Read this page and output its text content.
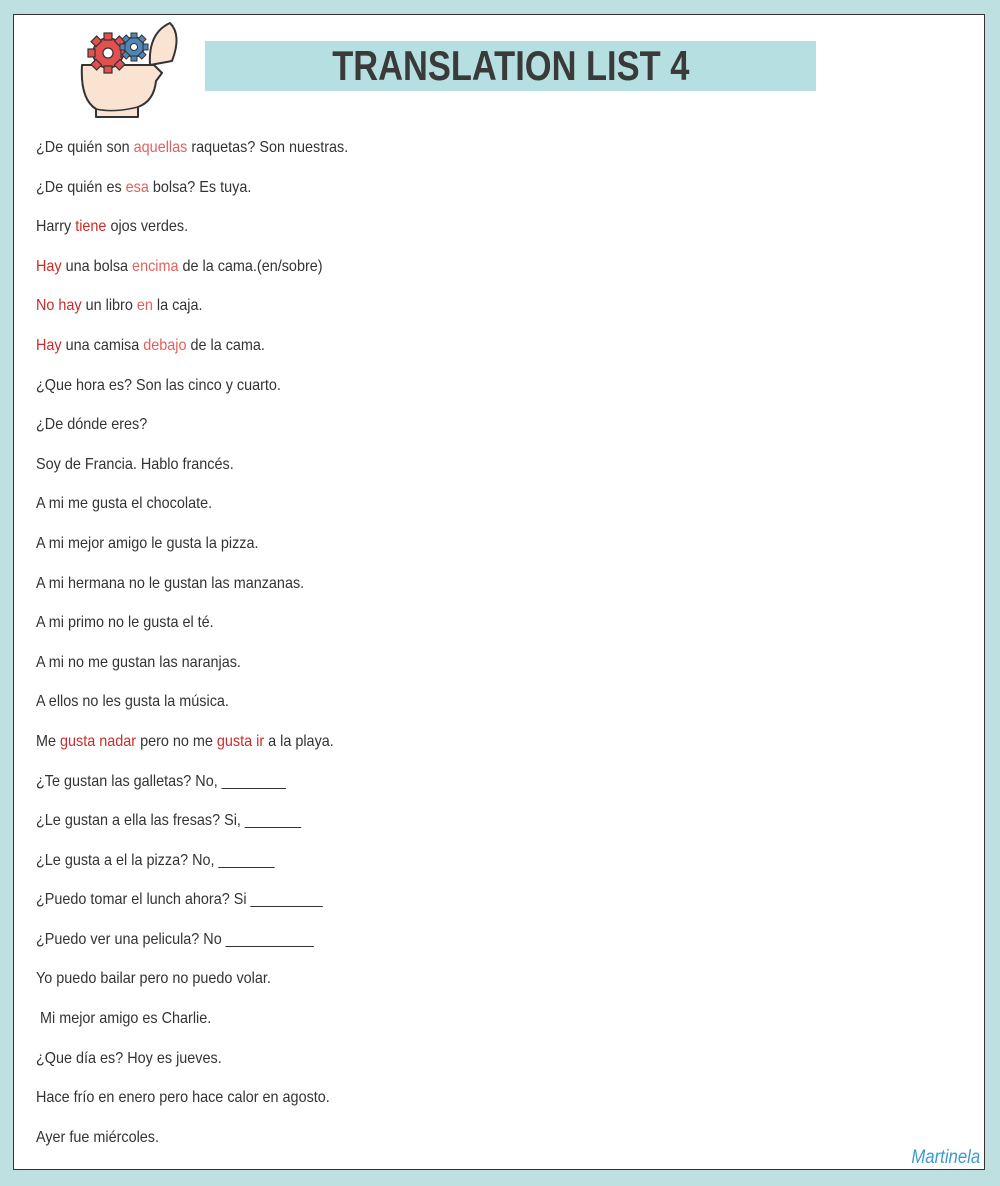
TRANSLATION LIST 4
¿De quién son aquellas raquetas? Son nuestras.
¿De quién es esa bolsa? Es tuya.
Harry tiene ojos verdes.
Hay una bolsa encima de la cama.(en/sobre)
No hay un libro en la caja.
Hay una camisa debajo de la cama.
¿Que hora es? Son las cinco y cuarto.
¿De dónde eres?
Soy de Francia. Hablo francés.
A mi me gusta el chocolate.
A mi mejor amigo le gusta la pizza.
A mi hermana no le gustan las manzanas.
A mi primo no le gusta el té.
A mi no me gustan las naranjas.
A ellos no les gusta la música.
Me gusta nadar pero no me gusta ir a la playa.
¿Te gustan las galletas? No, ________
¿Le gustan a ella las fresas? Si, _______
¿Le gusta a el la pizza? No, _______
¿Puedo tomar el lunch ahora? Si _________
¿Puedo ver una pelicula? No ___________
Yo puedo bailar pero no puedo volar.
Mi mejor amigo es Charlie.
¿Que día es? Hoy es jueves.
Hace frío en enero pero hace calor en agosto.
Ayer fue miércoles.
Martinela
